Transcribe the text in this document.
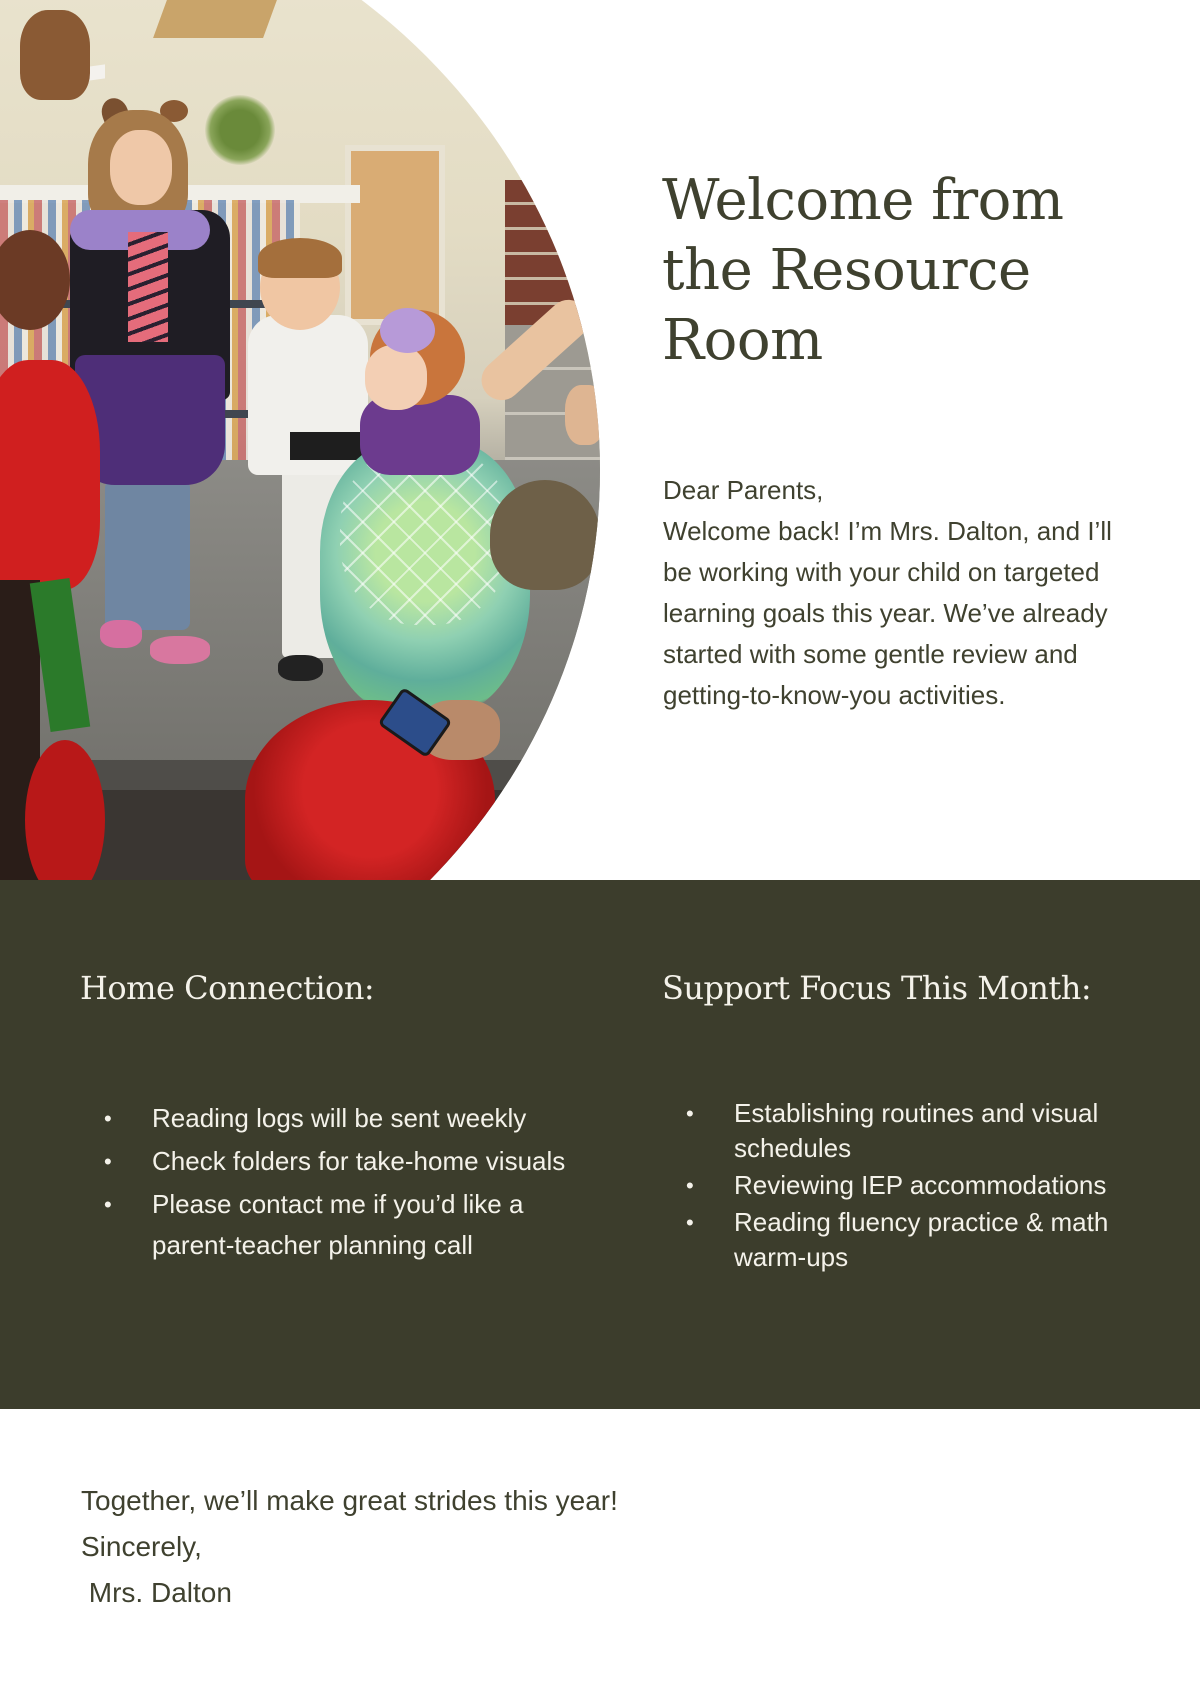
Welcome from
the Resource
Room

Dear Parents,

Welcome back! I’m Mrs. Dalton, and I’ll be working with your child on targeted learning goals this year. We’ve already started with some gentle review and getting-to-know-you activities.

Home Connection:
• Reading logs will be sent weekly
• Check folders for take-home visuals
• Please contact me if you’d like a parent-teacher planning call
Support Focus This Month:
• Establishing routines and visual schedules
• Reviewing IEP accommodations
• Reading fluency practice & math warm-ups

Together, we’ll make great strides this year!

Sincerely,

Mrs. Dalton
